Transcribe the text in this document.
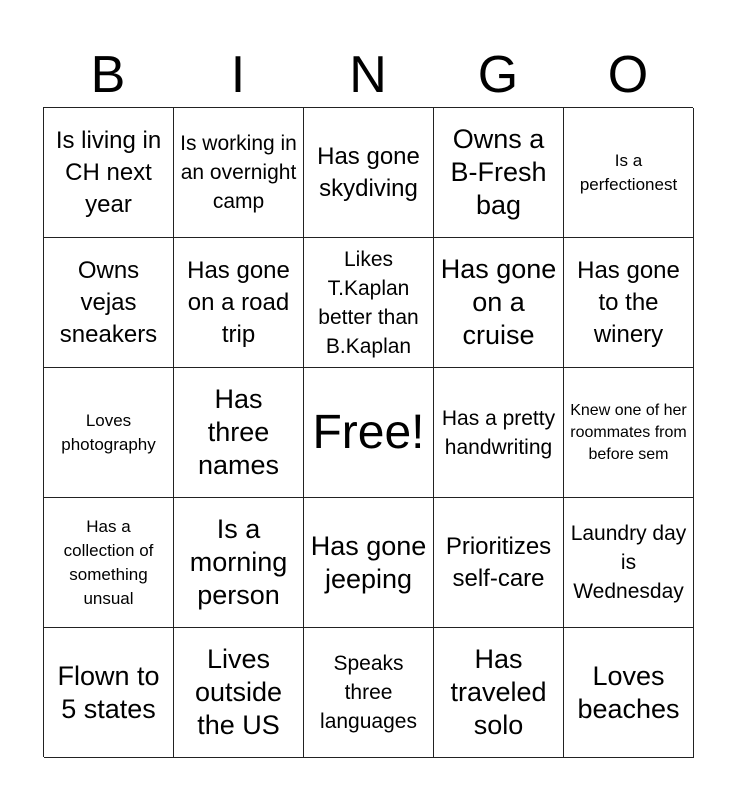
B	I	N	G	O
Is living in CH next year
Is working in an overnight camp
Has gone skydiving
Owns a B-Fresh bag
Is a perfectionest
Owns vejas sneakers
Has gone on a road trip
Likes T.Kaplan better than B.Kaplan
Has gone on a cruise
Has gone to the winery
Loves photography
Has three names
Free! Has a pretty handwriting
Knew one of her roommates from before sem
Has a collection of something unsual
Is a morning person
Has gone jeeping
Prioritizes self-care
Laundry day is Wednesday
Flown to 5 states
Lives outside the US
Speaks three languages
Has traveled solo
Loves beaches
